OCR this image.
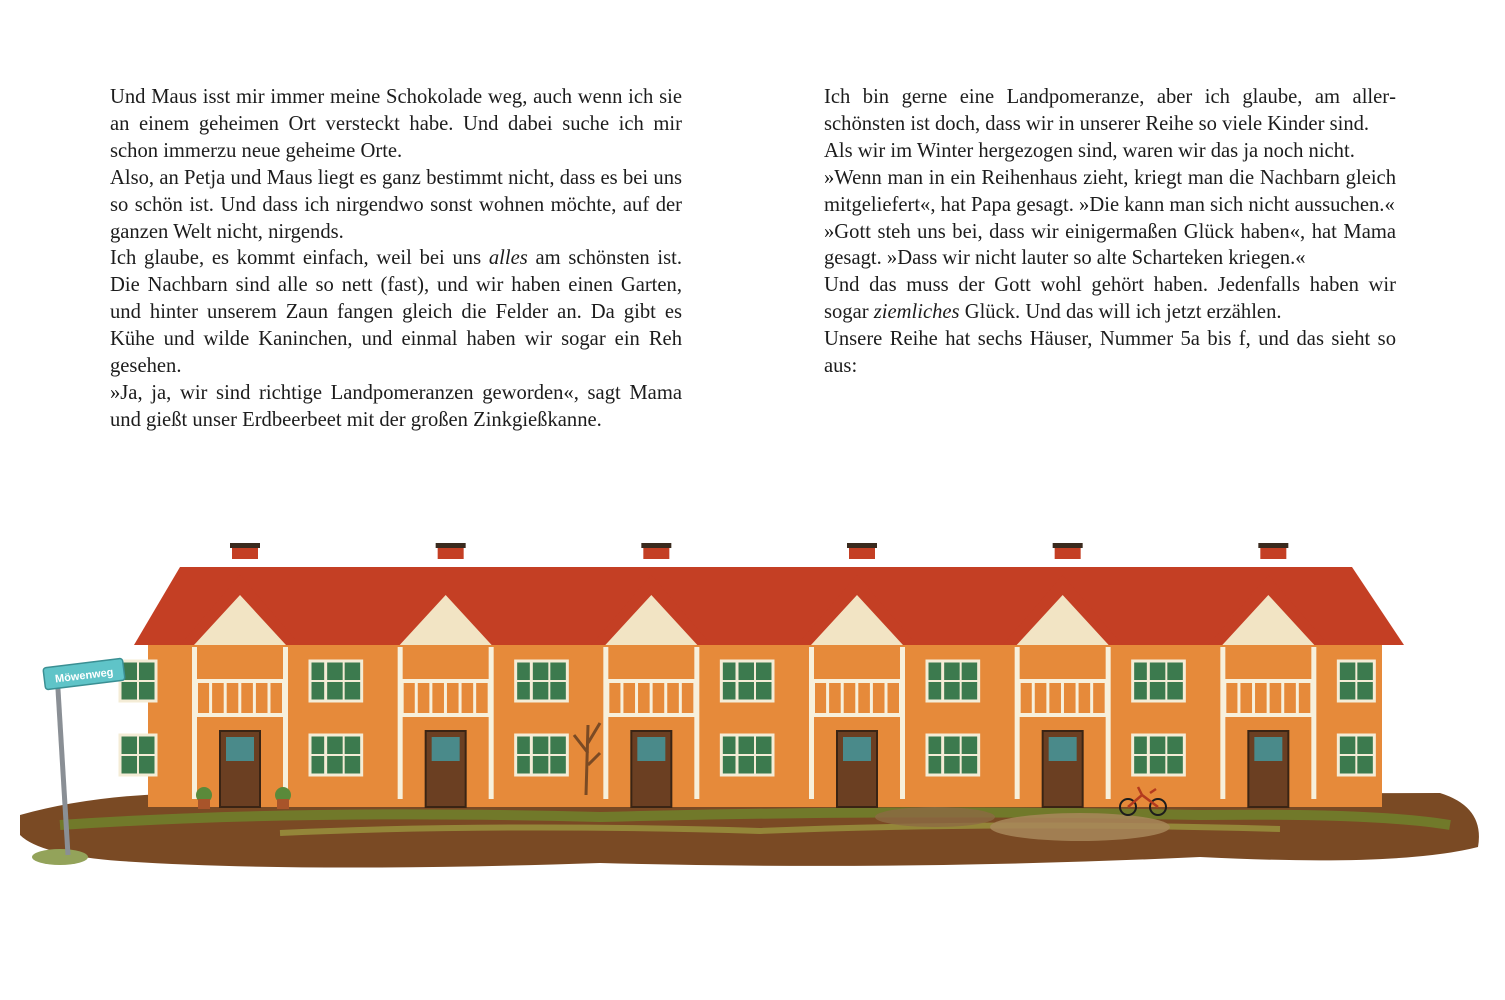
Und Maus isst mir immer meine Schokolade weg, auch wenn ich sie an einem geheimen Ort versteckt habe. Und dabei suche ich mir schon immerzu neue geheime Orte.

Also, an Petja und Maus liegt es ganz bestimmt nicht, dass es bei uns so schön ist. Und dass ich nirgendwo sonst wohnen möchte, auf der ganzen Welt nicht, nirgends.

Ich glaube, es kommt einfach, weil bei uns alles am schönsten ist. Die Nachbarn sind alle so nett (fast), und wir haben einen Garten, und hinter unserem Zaun fangen gleich die Felder an. Da gibt es Kühe und wilde Kaninchen, und einmal haben wir sogar ein Reh gesehen.

»Ja, ja, wir sind richtige Landpomeranzen geworden«, sagt Mama und gießt unser Erdbeerbeet mit der großen Zinkgießkanne.

Ich bin gerne eine Landpomeranze, aber ich glaube, am allerschönsten ist doch, dass wir in unserer Reihe so viele Kinder sind.

Als wir im Winter hergezogen sind, waren wir das ja noch nicht.

»Wenn man in ein Reihenhaus zieht, kriegt man die Nachbarn gleich mitgeliefert«, hat Papa gesagt. »Die kann man sich nicht aussuchen.«

»Gott steh uns bei, dass wir einigermaßen Glück haben«, hat Mama gesagt. »Dass wir nicht lauter so alte Scharteken kriegen.«

Und das muss der Gott wohl gehört haben. Jedenfalls haben wir sogar ziemliches Glück. Und das will ich jetzt erzählen.

Unsere Reihe hat sechs Häuser, Nummer 5a bis f, und das sieht so aus:

Möwenweg
